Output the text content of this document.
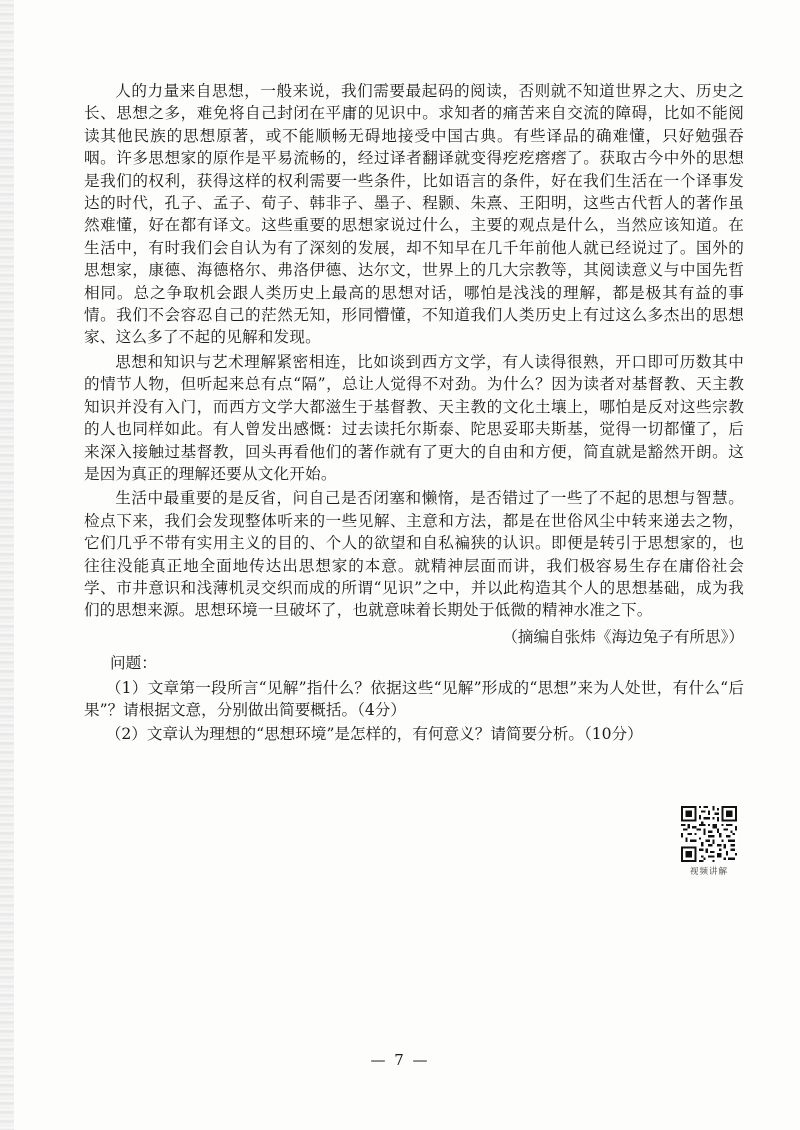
人的力量来自思想，一般来说，我们需要最起码的阅读，否则就不知道世界之大、历史之长、思想之多，难免将自己封闭在平庸的见识中。求知者的痛苦来自交流的障碍，比如不能阅读其他民族的思想原著，或不能顺畅无碍地接受中国古典。有些译品的确难懂，只好勉强吞咽。许多思想家的原作是平易流畅的，经过译者翻译就变得疙疙瘩瘩了。获取古今中外的思想是我们的权利，获得这样的权利需要一些条件，比如语言的条件，好在我们生活在一个译事发达的时代，孔子、孟子、荀子、韩非子、墨子、程颢、朱熹、王阳明，这些古代哲人的著作虽然难懂，好在都有译文。这些重要的思想家说过什么，主要的观点是什么，当然应该知道。在生活中，有时我们会自认为有了深刻的发展，却不知早在几千年前他人就已经说过了。国外的思想家，康德、海德格尔、弗洛伊德、达尔文，世界上的几大宗教等，其阅读意义与中国先哲相同。总之争取机会跟人类历史上最高的思想对话，哪怕是浅浅的理解，都是极其有益的事情。我们不会容忍自己的茫然无知，形同懵懂，不知道我们人类历史上有过这么多杰出的思想家、这么多了不起的见解和发现。

思想和知识与艺术理解紧密相连，比如谈到西方文学，有人读得很熟，开口即可历数其中的情节人物，但听起来总有点“隔”，总让人觉得不对劲。为什么？因为读者对基督教、天主教知识并没有入门，而西方文学大都滋生于基督教、天主教的文化土壤上，哪怕是反对这些宗教的人也同样如此。有人曾发出感慨：过去读托尔斯泰、陀思妥耶夫斯基，觉得一切都懂了，后来深入接触过基督教，回头再看他们的著作就有了更大的自由和方便，简直就是豁然开朗。这是因为真正的理解还要从文化开始。

生活中最重要的是反省，问自己是否闭塞和懒惰，是否错过了一些了不起的思想与智慧。检点下来，我们会发现整体听来的一些见解、主意和方法，都是在世俗风尘中转来递去之物，它们几乎不带有实用主义的目的、个人的欲望和自私褊狭的认识。即便是转引于思想家的，也往往没能真正地全面地传达出思想家的本意。就精神层面而讲，我们极容易生存在庸俗社会学、市井意识和浅薄机灵交织而成的所谓“见识”之中，并以此构造其个人的思想基础，成为我们的思想来源。思想环境一旦破坏了，也就意味着长期处于低微的精神水准之下。

（摘编自张炜《海边兔子有所思》）

问题：

（1）文章第一段所言“见解”指什么？依据这些“见解”形成的“思想”来为人处世，有什么“后果”？请根据文意，分别做出简要概括。（4分）

（2）文章认为理想的“思想环境”是怎样的，有何意义？请简要分析。（10分）

视频讲解
— 7 —
